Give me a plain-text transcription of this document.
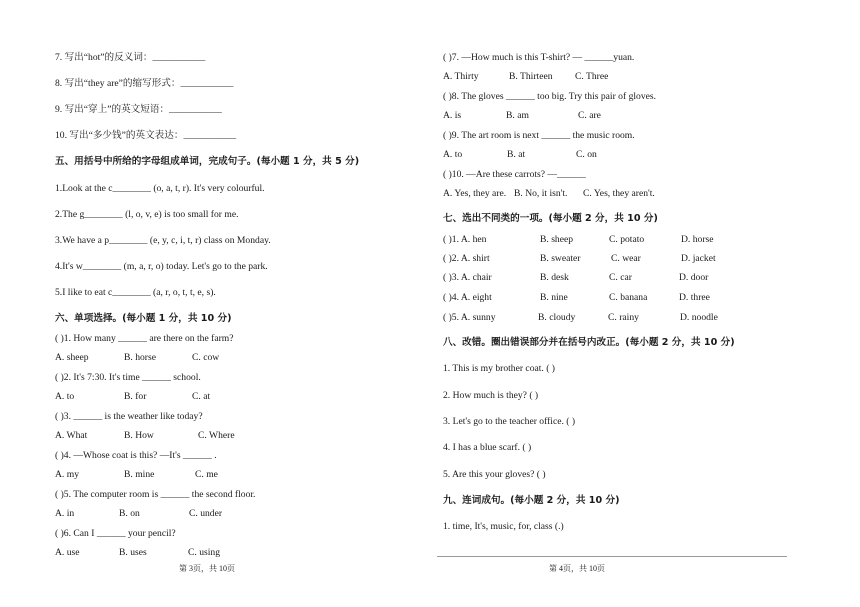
7. 写出“hot”的反义词：___________
8. 写出“they are”的缩写形式：___________
9. 写出“穿上”的英文短语：___________
10. 写出“多少钱”的英文表达：___________
五、用括号中所给的字母组成单词，完成句子。(每小题 1 分，共 5 分)
1.Look at the c________ (o, a, t, r). It's very colourful.
2.The g________ (l, o, v, e) is too small for me.
3.We have a p________ (e, y, c, i, t, r) class on Monday.
4.It's w________ (m, a, r, o) today. Let's go to the park.
5.I like to eat c________ (a, r, o, t, t, e, s).
六、单项选择。(每小题 1 分，共 10 分)
( )1. How many ______ are there on the farm?
A. sheep	B. horse	C. cow
( )2. It's 7:30. It's time ______ school.
A. to	B. for	C. at
( )3. ______ is the weather like today?
A. What	B. How	C. Where
( )4. —Whose coat is this? —It's ______ .
A. my	B. mine	C. me
( )5. The computer room is ______ the second floor.
A. in	B. on	C. under
( )6. Can I ______ your pencil?
A. use	B. uses	C. using
第 3页，共 10页
( )7. —How much is this T-shirt? — ______yuan.
A. Thirty	B. Thirteen C. Three
( )8. The gloves ______ too big. Try this pair of gloves.
A. is	B. am	C. are
( )9. The art room is next ______ the music room.
A. to	B. at	C. on
( )10. —Are these carrots? —______
A. Yes, they are. B. No, it isn't. C. Yes, they aren't.
七、选出不同类的一项。(每小题 2 分，共 10 分)
( )1. A. hen	B. sheep	C. potato	D. horse
( )2. A. shirt	B. sweater	C. wear	D. jacket
( )3. A. chair	B. desk	C. car	D. door
( )4. A. eight	B. nine	C. banana	D. three
( )5. A. sunny	B. cloudy	C. rainy	D. noodle
八、改错。圈出错误部分并在括号内改正。(每小题 2 分，共 10 分)
1. This is my brother coat. ( )
2. How much is they? ( )
3. Let's go to the teacher office. ( )
4. I has a blue scarf. ( )
5. Are this your gloves? ( )
九、连词成句。(每小题 2 分，共 10 分)
1. time, It's, music, for, class (.)
第 4页，共 10页
